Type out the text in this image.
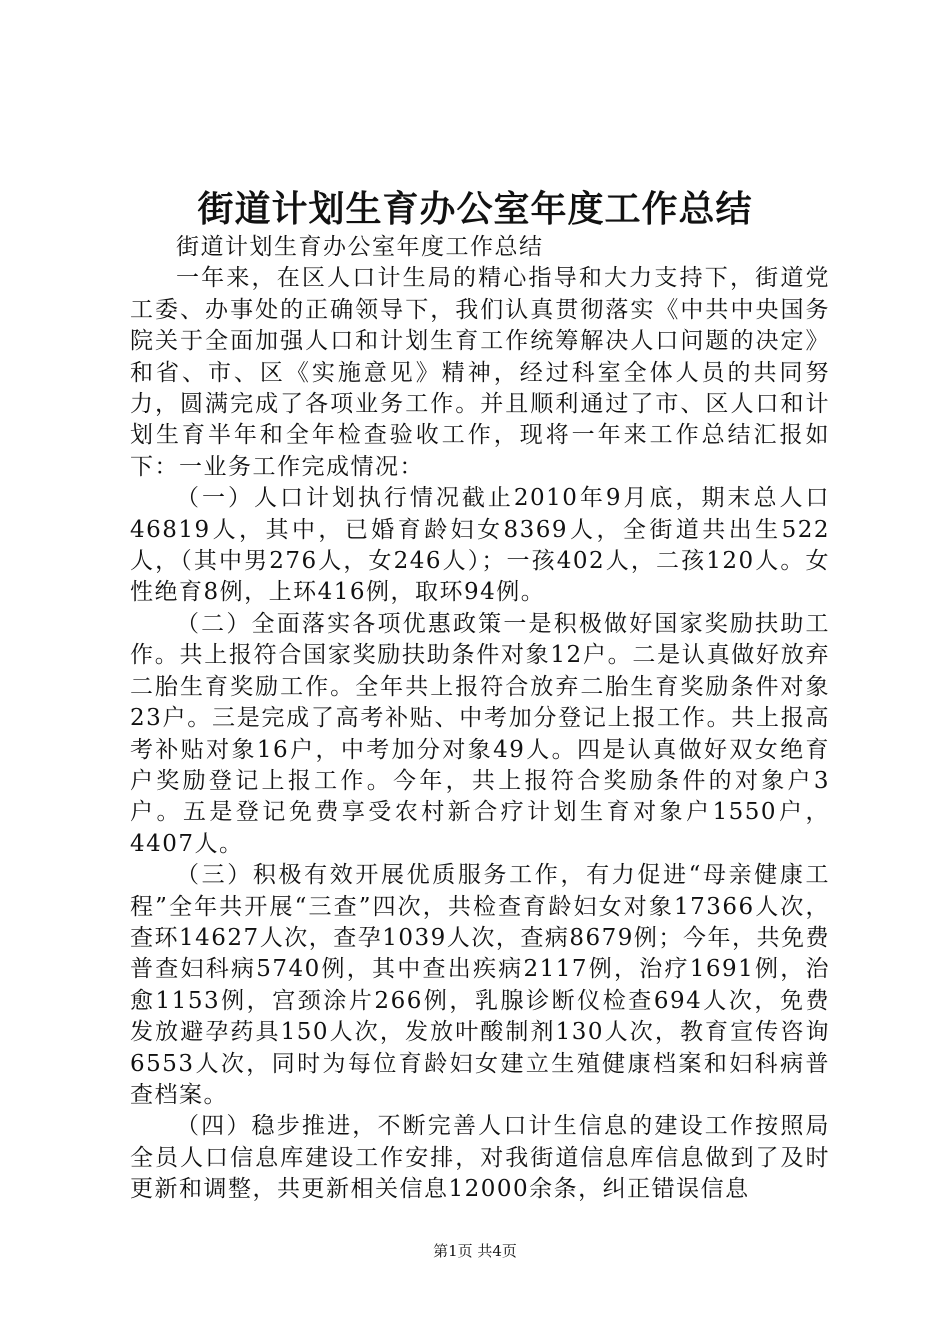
街道计划生育办公室年度工作总结

街道计划生育办公室年度工作总结

一年来，在区人口计生局的精心指导和大力支持下，街道党工委、办事处的正确领导下，我们认真贯彻落实《中共中央国务院关于全面加强人口和计划生育工作统筹解决人口问题的决定》和省、市、区《实施意见》精神，经过科室全体人员的共同努力，圆满完成了各项业务工作。并且顺利通过了市、区人口和计划生育半年和全年检查验收工作，现将一年来工作总结汇报如下：一业务工作完成情况：

（一）人口计划执行情况截止2010年9月底，期末总人口46819人，其中，已婚育龄妇女8369人，全街道共出生522人，（其中男276人，女246人）；一孩402人，二孩120人。女性绝育8例，上环416例，取环94例。

（二）全面落实各项优惠政策一是积极做好国家奖励扶助工作。共上报符合国家奖励扶助条件对象12户。二是认真做好放弃二胎生育奖励工作。全年共上报符合放弃二胎生育奖励条件对象23户。三是完成了高考补贴、中考加分登记上报工作。共上报高考补贴对象16户，中考加分对象49人。四是认真做好双女绝育户奖励登记上报工作。今年，共上报符合奖励条件的对象户3户。五是登记免费享受农村新合疗计划生育对象户1550户，4407人。

（三）积极有效开展优质服务工作，有力促进“母亲健康工程”全年共开展“三查”四次，共检查育龄妇女对象17366人次，查环14627人次，查孕1039人次，查病8679例；今年，共免费普查妇科病5740例，其中查出疾病2117例，治疗1691例，治愈1153例，宫颈涂片266例，乳腺诊断仪检查694人次，免费发放避孕药具150人次，发放叶酸制剂130人次，教育宣传咨询6553人次，同时为每位育龄妇女建立生殖健康档案和妇科病普查档案。

（四）稳步推进，不断完善人口计生信息的建设工作按照局全员人口信息库建设工作安排，对我街道信息库信息做到了及时更新和调整，共更新相关信息12000余条，纠正错误信息

第1页 共4页
